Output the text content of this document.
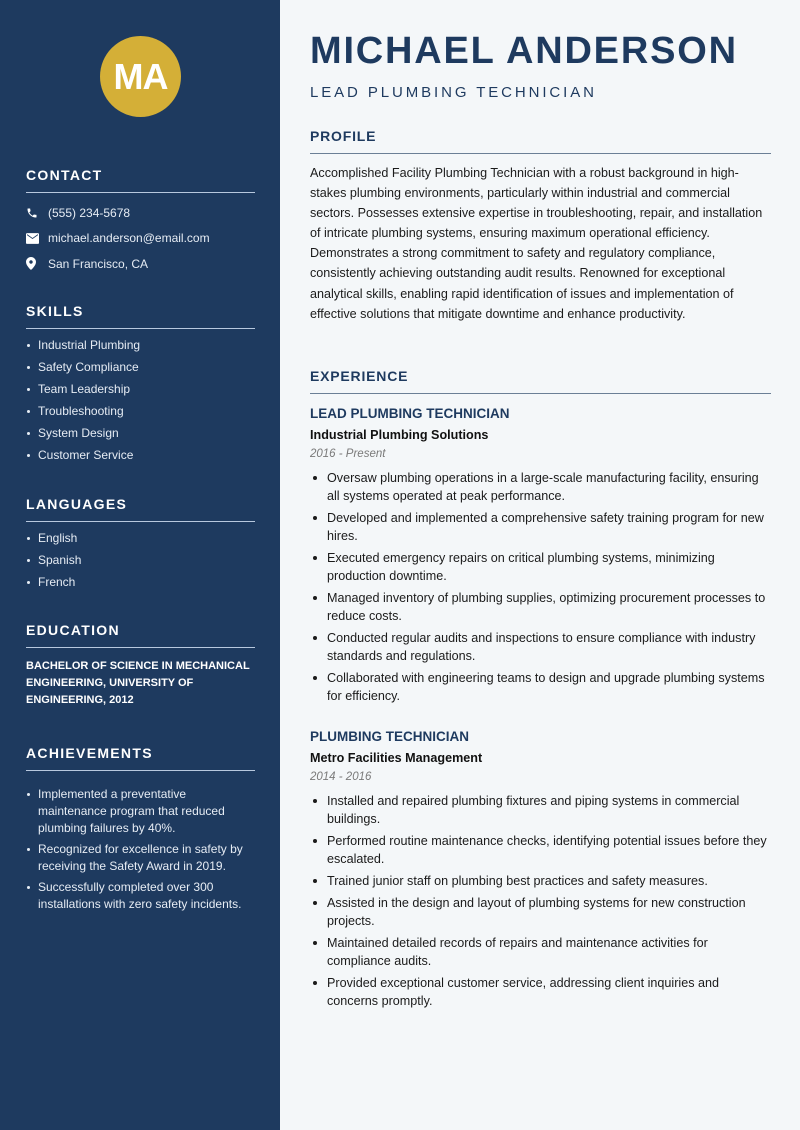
MA
CONTACT
(555) 234-5678
michael.anderson@email.com
San Francisco, CA
SKILLS
Industrial Plumbing
Safety Compliance
Team Leadership
Troubleshooting
System Design
Customer Service
LANGUAGES
English
Spanish
French
EDUCATION
BACHELOR OF SCIENCE IN MECHANICAL ENGINEERING, UNIVERSITY OF ENGINEERING, 2012
ACHIEVEMENTS
Implemented a preventative maintenance program that reduced plumbing failures by 40%.
Recognized for excellence in safety by receiving the Safety Award in 2019.
Successfully completed over 300 installations with zero safety incidents.
MICHAEL ANDERSON
LEAD PLUMBING TECHNICIAN
PROFILE

Accomplished Facility Plumbing Technician with a robust background in high-stakes plumbing environments, particularly within industrial and commercial sectors. Possesses extensive expertise in troubleshooting, repair, and installation of intricate plumbing systems, ensuring maximum operational efficiency. Demonstrates a strong commitment to safety and regulatory compliance, consistently achieving outstanding audit results. Renowned for exceptional analytical skills, enabling rapid identification of issues and implementation of effective solutions that mitigate downtime and enhance productivity.

EXPERIENCE
LEAD PLUMBING TECHNICIAN
Industrial Plumbing Solutions
2016 - Present
Oversaw plumbing operations in a large-scale manufacturing facility, ensuring all systems operated at peak performance.
Developed and implemented a comprehensive safety training program for new hires.
Executed emergency repairs on critical plumbing systems, minimizing production downtime.
Managed inventory of plumbing supplies, optimizing procurement processes to reduce costs.
Conducted regular audits and inspections to ensure compliance with industry standards and regulations.
Collaborated with engineering teams to design and upgrade plumbing systems for efficiency.
PLUMBING TECHNICIAN
Metro Facilities Management
2014 - 2016
Installed and repaired plumbing fixtures and piping systems in commercial buildings.
Performed routine maintenance checks, identifying potential issues before they escalated.
Trained junior staff on plumbing best practices and safety measures.
Assisted in the design and layout of plumbing systems for new construction projects.
Maintained detailed records of repairs and maintenance activities for compliance audits.
Provided exceptional customer service, addressing client inquiries and concerns promptly.
